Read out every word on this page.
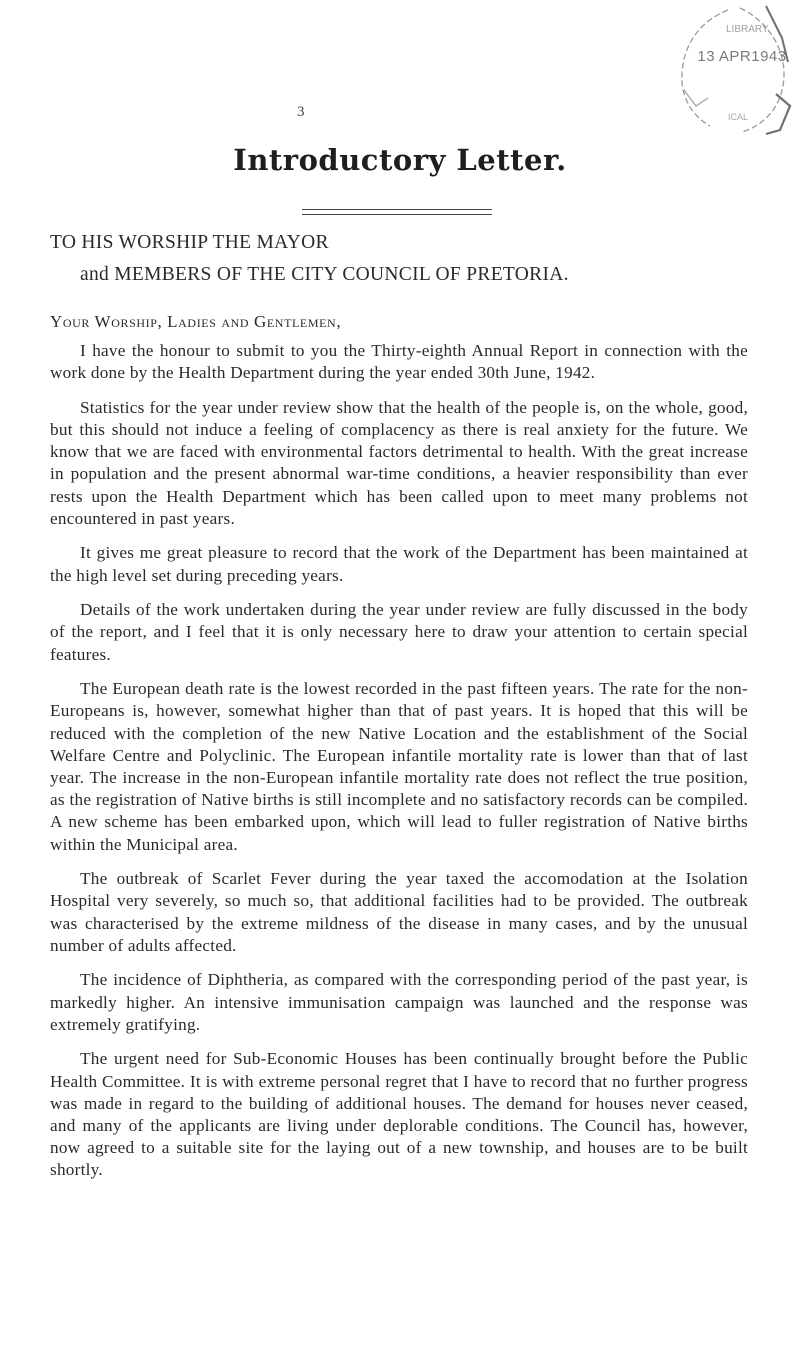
3
LIBRARY
ICAL
13 APR1943
Introductory Letter.
TO HIS WORSHIP THE MAYOR
and MEMBERS OF THE CITY COUNCIL OF PRETORIA.
Your Worship, Ladies and Gentlemen,

I have the honour to submit to you the Thirty-eighth Annual Report in connection with the work done by the Health Department during the year ended 30th June, 1942.

Statistics for the year under review show that the health of the people is, on the whole, good, but this should not induce a feeling of complacency as there is real anxiety for the future. We know that we are faced with environmental factors detrimental to health. With the great increase in population and the present abnormal war-time conditions, a heavier responsibility than ever rests upon the Health Department which has been called upon to meet many problems not encountered in past years.

It gives me great pleasure to record that the work of the Department has been maintained at the high level set during preceding years.

Details of the work undertaken during the year under review are fully discussed in the body of the report, and I feel that it is only necessary here to draw your attention to certain special features.

The European death rate is the lowest recorded in the past fifteen years. The rate for the non-Europeans is, however, somewhat higher than that of past years. It is hoped that this will be reduced with the completion of the new Native Location and the establishment of the Social Welfare Centre and Polyclinic. The European infantile mortality rate is lower than that of last year. The increase in the non-European infantile mortality rate does not reflect the true position, as the registration of Native births is still incomplete and no satisfactory records can be compiled. A new scheme has been embarked upon, which will lead to fuller registration of Native births within the Municipal area.

The outbreak of Scarlet Fever during the year taxed the accomodation at the Isolation Hospital very severely, so much so, that additional facilities had to be provided. The outbreak was characterised by the extreme mildness of the disease in many cases, and by the unusual number of adults affected.

The incidence of Diphtheria, as compared with the corresponding period of the past year, is markedly higher. An intensive immunisation campaign was launched and the response was extremely gratifying.

The urgent need for Sub-Economic Houses has been continually brought before the Public Health Committee. It is with extreme personal regret that I have to record that no further progress was made in regard to the building of additional houses. The demand for houses never ceased, and many of the applicants are living under deplorable conditions. The Council has, however, now agreed to a suitable site for the laying out of a new township, and houses are to be built shortly.
